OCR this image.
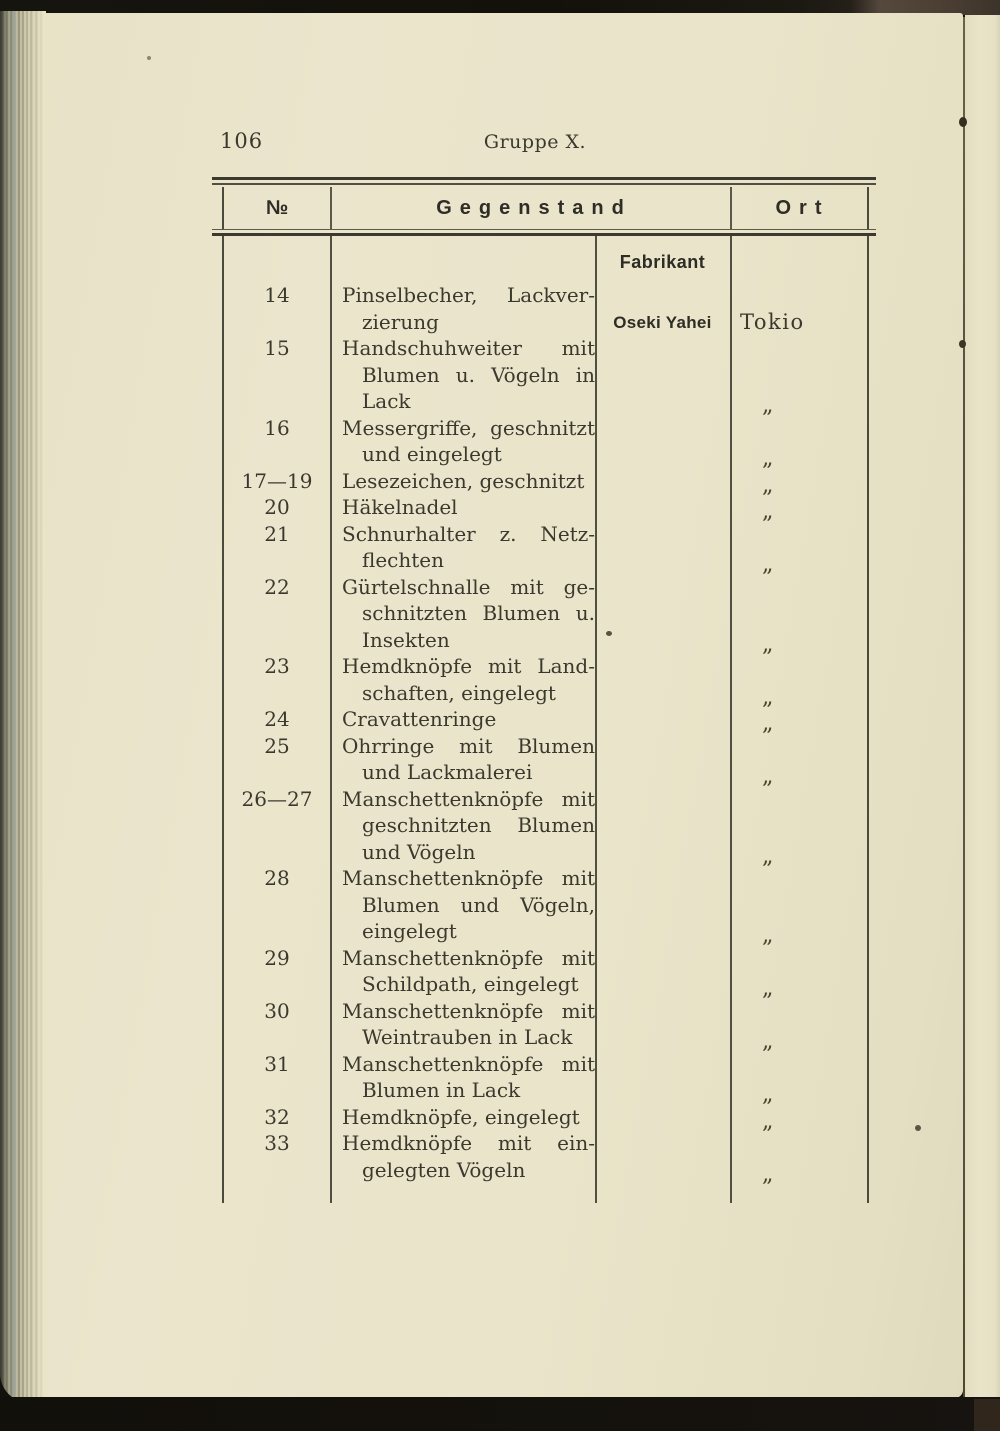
106	Gruppe X.
№	Gegenstand	Ort
Fabrikant
14	Pinselbecher, Lackver-
zierung	Oseki Yahei	Tokio
15	Handschuhweiter mit
Blumen u. Vögeln in
Lack	„
16	Messergriffe, geschnitzt
und eingelegt	„
17—19	Lesezeichen, geschnitzt	„
20	Häkelnadel	„
21	Schnurhalter z. Netz-
flechten	„
22	Gürtelschnalle mit ge-
schnitzten Blumen u.
Insekten	„
23	Hemdknöpfe mit Land-
schaften, eingelegt	„
24	Cravattenringe	„
25	Ohrringe mit Blumen
und Lackmalerei	„
26—27	Manschettenknöpfe mit
geschnitzten Blumen
und Vögeln	„
28	Manschettenknöpfe mit
Blumen und Vögeln,
eingelegt	„
29	Manschettenknöpfe mit
Schildpath, eingelegt	„
30	Manschettenknöpfe mit
Weintrauben in Lack	„
31	Manschettenknöpfe mit
Blumen in Lack	„
32	Hemdknöpfe, eingelegt	„
33	Hemdknöpfe mit ein-
gelegten Vögeln	„
